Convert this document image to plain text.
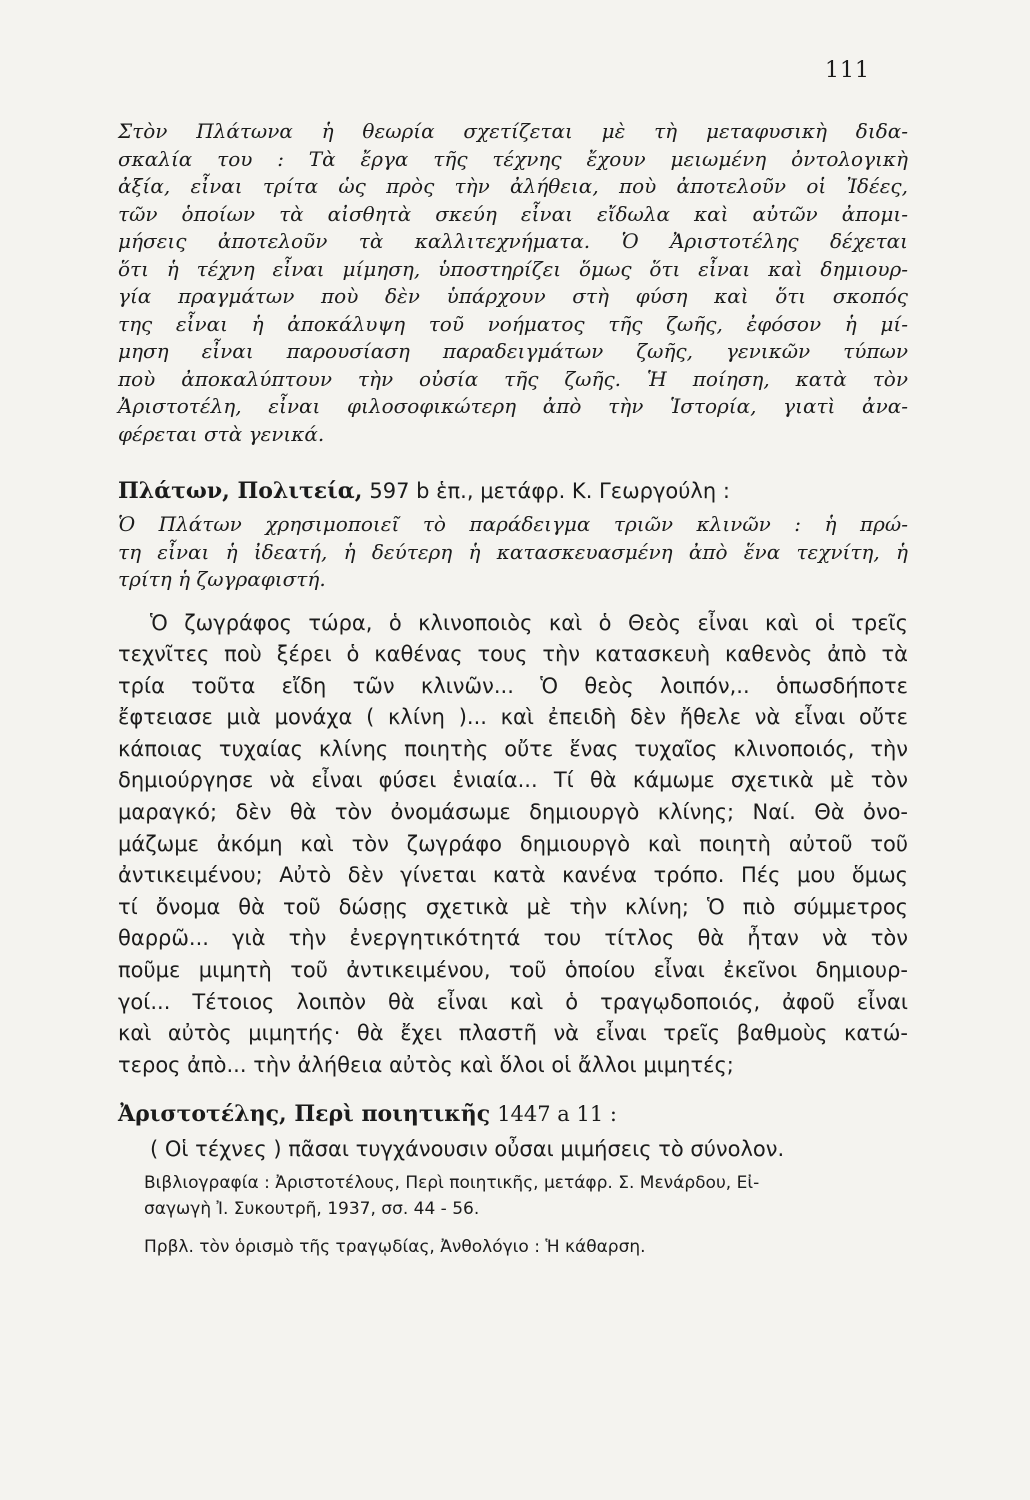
111

Στὸν Πλάτωνα ἡ θεωρία σχετίζεται μὲ τὴ μεταφυσικὴ διδα-
σκαλία του : Τὰ ἔργα τῆς τέχνης ἔχουν μειωμένη ὀντολογικὴ
ἀξία, εἶναι τρίτα ὡς πρὸς τὴν ἀλήθεια, ποὺ ἀποτελοῦν οἱ Ἰδέες,
τῶν ὁποίων τὰ αἰσθητὰ σκεύη εἶναι εἴδωλα καὶ αὐτῶν ἀπομι-
μήσεις ἀποτελοῦν τὰ καλλιτεχνήματα. Ὁ Ἀριστοτέλης δέχεται
ὅτι ἡ τέχνη εἶναι μίμηση, ὑποστηρίζει ὅμως ὅτι εἶναι καὶ δημιουρ-
γία πραγμάτων ποὺ δὲν ὑπάρχουν στὴ φύση καὶ ὅτι σκοπός
της εἶναι ἡ ἀποκάλυψη τοῦ νοήματος τῆς ζωῆς, ἐφόσον ἡ μί-
μηση εἶναι παρουσίαση παραδειγμάτων ζωῆς, γενικῶν τύπων
ποὺ ἀποκαλύπτουν τὴν οὐσία τῆς ζωῆς. Ἡ ποίηση, κατὰ τὸν
Ἀριστοτέλη, εἶναι φιλοσοφικώτερη ἀπὸ τὴν Ἱστορία, γιατὶ ἀνα-
φέρεται στὰ γενικά.

Πλάτων, Πολιτεία, 597 b ἑπ., μετάφρ. Κ. Γεωργούλη :

Ὁ Πλάτων χρησιμοποιεῖ τὸ παράδειγμα τριῶν κλινῶν : ἡ πρώ-
τη εἶναι ἡ ἰδεατή, ἡ δεύτερη ἡ κατασκευασμένη ἀπὸ ἕνα τεχνίτη, ἡ
τρίτη ἡ ζωγραφιστή.

Ὁ ζωγράφος τώρα, ὁ κλινοποιὸς καὶ ὁ Θεὸς εἶναι καὶ οἱ τρεῖς
τεχνῖτες ποὺ ξέρει ὁ καθένας τους τὴν κατασκευὴ καθενὸς ἀπὸ τὰ
τρία τοῦτα εἴδη τῶν κλινῶν... Ὁ θεὸς λοιπόν,.. ὁπωσδήποτε
ἔφτειασε μιὰ μονάχα ( κλίνη )... καὶ ἐπειδὴ δὲν ἤθελε νὰ εἶναι οὔτε
κάποιας τυχαίας κλίνης ποιητὴς οὔτε ἕνας τυχαῖος κλινοποιός, τὴν
δημιούργησε νὰ εἶναι φύσει ἑνιαία... Τί θὰ κάμωμε σχετικὰ μὲ τὸν
μαραγκό; δὲν θὰ τὸν ὀνομάσωμε δημιουργὸ κλίνης; Ναί. Θὰ ὀνο-
μάζωμε ἀκόμη καὶ τὸν ζωγράφο δημιουργὸ καὶ ποιητὴ αὐτοῦ τοῦ
ἀντικειμένου; Αὐτὸ δὲν γίνεται κατὰ κανένα τρόπο. Πές μου ὅμως
τί ὄνομα θὰ τοῦ δώσῃς σχετικὰ μὲ τὴν κλίνη; Ὁ πιὸ σύμμετρος
θαρρῶ... γιὰ τὴν ἐνεργητικότητά του τίτλος θὰ ἦταν νὰ τὸν
ποῦμε μιμητὴ τοῦ ἀντικειμένου, τοῦ ὁποίου εἶναι ἐκεῖνοι δημιουρ-
γοί... Τέτοιος λοιπὸν θὰ εἶναι καὶ ὁ τραγῳδοποιός, ἀφοῦ εἶναι
καὶ αὐτὸς μιμητής· θὰ ἔχει πλαστῆ νὰ εἶναι τρεῖς βαθμοὺς κατώ-
τερος ἀπὸ... τὴν ἀλήθεια αὐτὸς καὶ ὅλοι οἱ ἄλλοι μιμητές;

Ἀριστοτέλης, Περὶ ποιητικῆς 1447 a 11 :

( Οἱ τέχνες ) πᾶσαι τυγχάνουσιν οὖσαι μιμήσεις τὸ σύνολον.

Βιβλιογραφία : Ἀριστοτέλους, Περὶ ποιητικῆς, μετάφρ. Σ. Μενάρδου, Εἰ-
σαγωγὴ Ἰ. Συκουτρῆ, 1937, σσ. 44 - 56.

Πρβλ. τὸν ὁρισμὸ τῆς τραγῳδίας, Ἀνθολόγιο : Ἡ κάθαρση.
